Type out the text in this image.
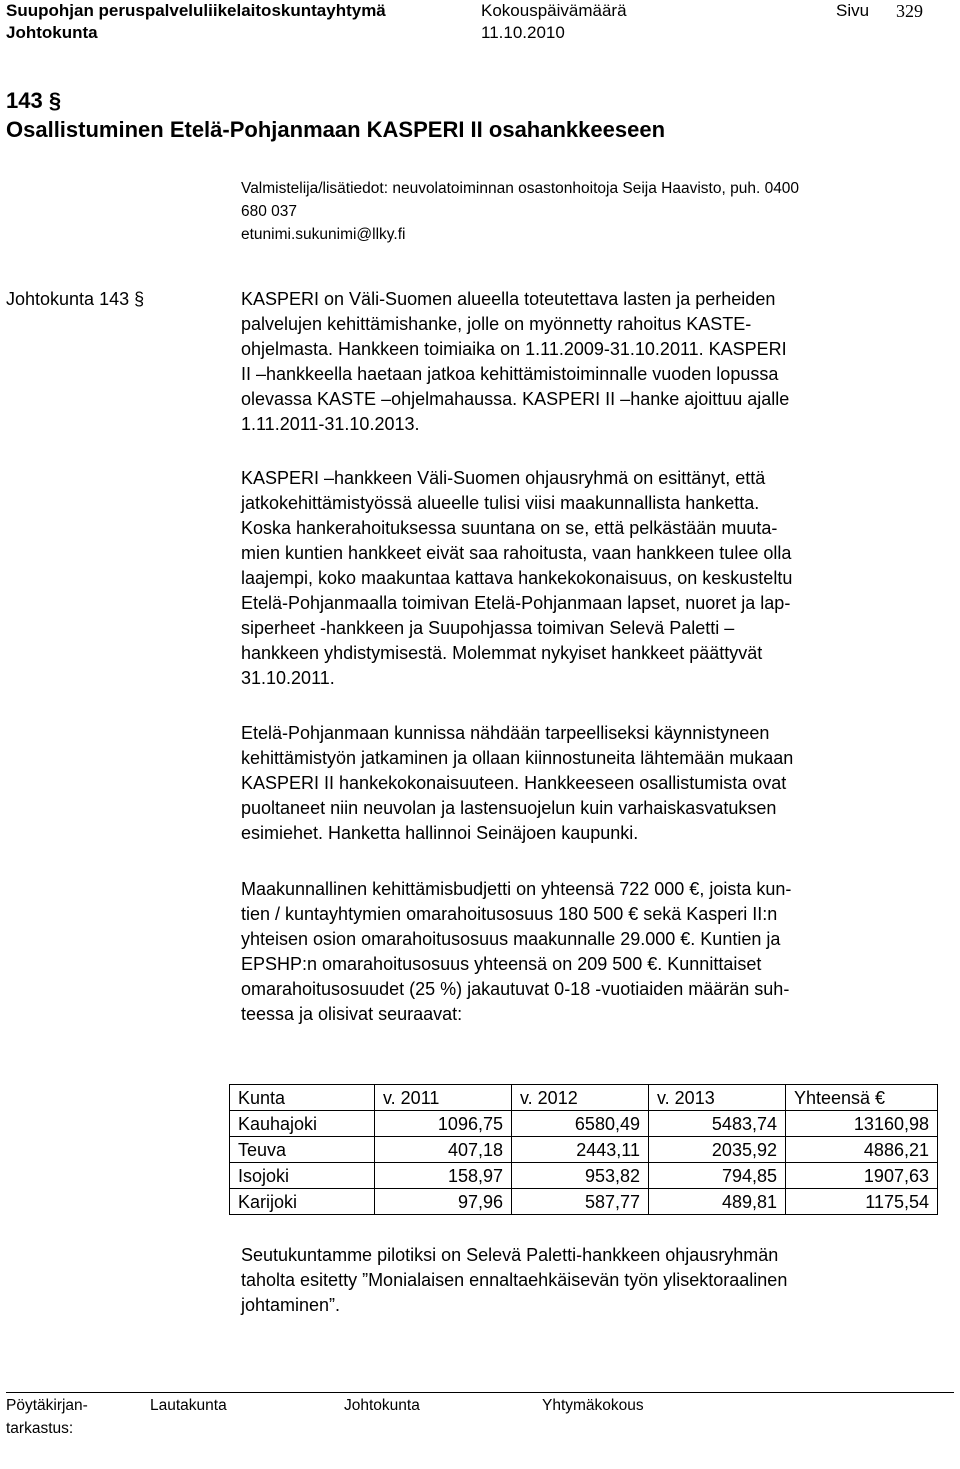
Suupohjan peruspalveluliikelaitoskuntayhtymä	Kokouspäivämäärä	Sivu 329
Johtokunta	11.10.2010
143 §
Osallistuminen Etelä-Pohjanmaan KASPERI II osahankkeeseen
Valmistelija/lisätiedot: neuvolatoiminnan osastonhoitoja Seija Haavisto, puh. 0400
680 037
etunimi.sukunimi@llky.fi
Johtokunta 143 §	KASPERI on Väli-Suomen alueella toteutettava lasten ja perheiden
palvelujen kehittämishanke, jolle on myönnetty rahoitus KASTE-
ohjelmasta. Hankkeen toimiaika on 1.11.2009-31.10.2011. KASPERI
II –hankkeella haetaan jatkoa kehittämistoiminnalle vuoden lopussa
olevassa KASTE –ohjelmahaussa. KASPERI II –hanke ajoittuu ajalle
1.11.2011-31.10.2013.
KASPERI –hankkeen Väli-Suomen ohjausryhmä on esittänyt, että
jatkokehittämistyössä alueelle tulisi viisi maakunnallista hanketta.
Koska hankerahoituksessa suuntana on se, että pelkästään muuta-
mien kuntien hankkeet eivät saa rahoitusta, vaan hankkeen tulee olla
laajempi, koko maakuntaa kattava hankekokonaisuus, on keskusteltu
Etelä-Pohjanmaalla toimivan Etelä-Pohjanmaan lapset, nuoret ja lap-
siperheet -hankkeen ja Suupohjassa toimivan Selevä Paletti –
hankkeen yhdistymisestä. Molemmat nykyiset hankkeet päättyvät
31.10.2011.
Etelä-Pohjanmaan kunnissa nähdään tarpeelliseksi käynnistyneen
kehittämistyön jatkaminen ja ollaan kiinnostuneita lähtemään mukaan
KASPERI II hankekokonaisuuteen. Hankkeeseen osallistumista ovat
puoltaneet niin neuvolan ja lastensuojelun kuin varhaiskasvatuksen
esimiehet. Hanketta hallinnoi Seinäjoen kaupunki.
Maakunnallinen kehittämisbudjetti on yhteensä 722 000 €, joista kun-
tien / kuntayhtymien omarahoitusosuus 180 500 € sekä Kasperi II:n
yhteisen osion omarahoitusosuus maakunnalle 29.000 €. Kuntien ja
EPSHP:n omarahoitusosuus yhteensä on 209 500 €. Kunnittaiset
omarahoitusosuudet (25 %) jakautuvat 0-18 -vuotiaiden määrän suh-
teessa ja olisivat seuraavat:
Kunta	v. 2011	v. 2012	v. 2013	Yhteensä €
Kauhajoki	1096,75	6580,49	5483,74	13160,98
Teuva	407,18	2443,11	2035,92	4886,21
Isojoki	158,97	953,82	794,85	1907,63
Karijoki	97,96	587,77	489,81	1175,54
Seutukuntamme pilotiksi on Selevä Paletti-hankkeen ohjausryhmän
taholta esitetty ”Monialaisen ennaltaehkäisevän työn ylisektoraalinen
johtaminen”.
Pöytäkirjan-
tarkastus:
Lautakunta	Johtokunta	Yhtymäkokous
